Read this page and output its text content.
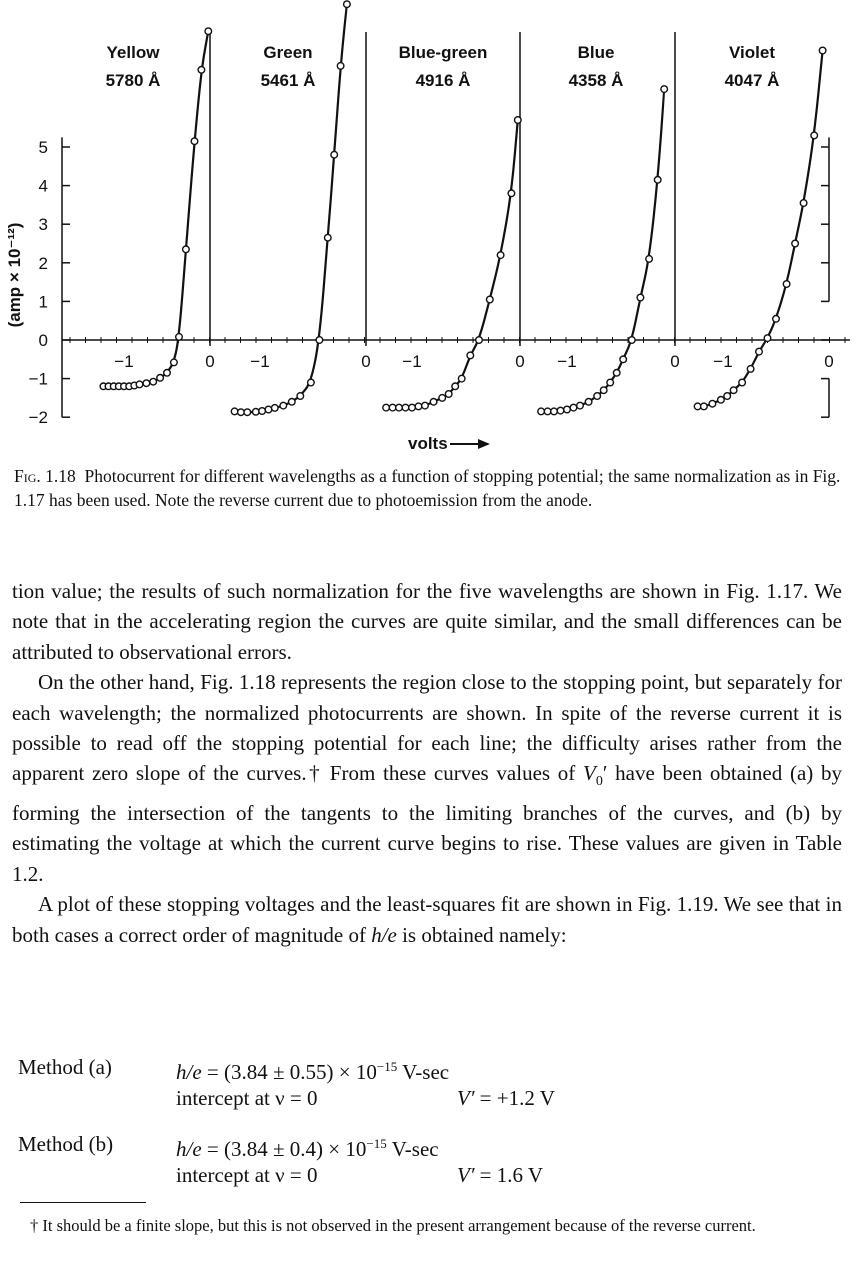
5
4
3
2
1
0
−1
−2
Yellow
5780 Å
Green
5461 Å
Blue-green
4916 Å
Blue
4358 Å
Violet
4047 Å
−1	0 −1	0 −1	0 −1	0 −1	0
(amp × 10⁻¹²)
volts
Fig. 1.18 Photocurrent for different wavelengths as a function of stopping potential; the same normalization as in Fig. 1.17 has been used. Note the reverse current due to photoemission from the anode.

tion value; the results of such normalization for the five wavelengths are shown in Fig. 1.17. We note that in the accelerating region the curves are quite similar, and the small differences can be attributed to observational errors.

On the other hand, Fig. 1.18 represents the region close to the stopping point, but separately for each wavelength; the normalized photocurrents are shown. In spite of the reverse current it is possible to read off the stopping potential for each line; the difficulty arises rather from the apparent zero slope of the curves.† From these curves values of $V_0'$ have been obtained (a) by forming the intersection of the tangents to the limiting branches of the curves, and (b) by estimating the voltage at which the current curve begins to rise. These values are given in Table 1.2.

A plot of these stopping voltages and the least-squares fit are shown in Fig. 1.19. We see that in both cases a correct order of magnitude of h/e is obtained namely:

Method (a)	$h/e = (3.84 \pm 0.55) \times 10^{-15}$ V-sec
intercept at ν = 0	V′ = +1.2 V
Method (b)	$h/e = (3.84 \pm 0.4) \times 10^{-15}$ V-sec
intercept at ν = 0	V′ = 1.6 V

† It should be a finite slope, but this is not observed in the present arrangement because of the reverse current.
